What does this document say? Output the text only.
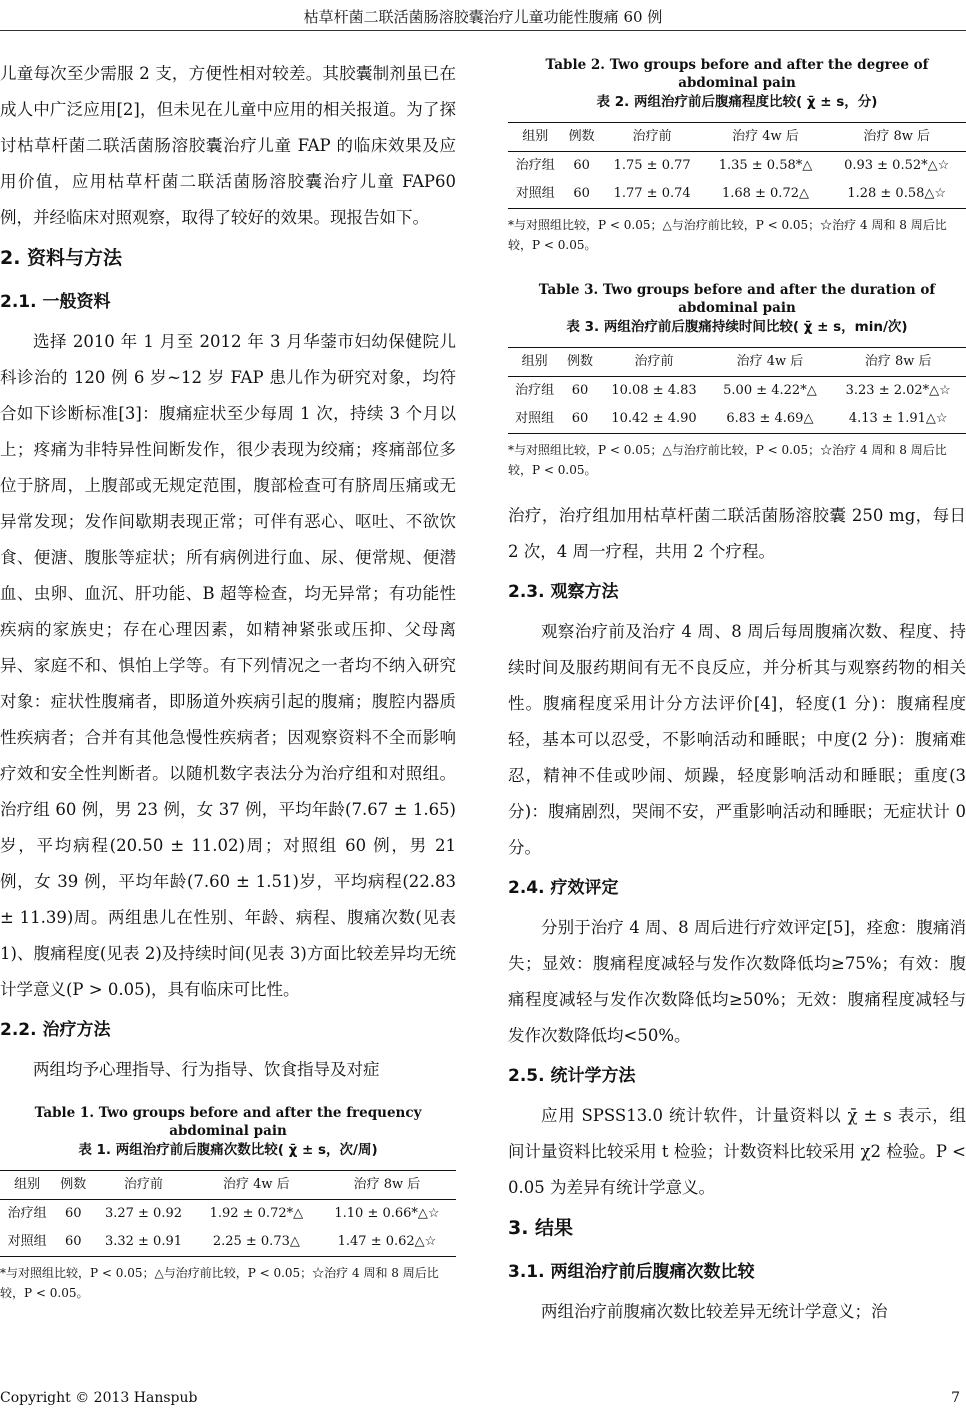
枯草杆菌二联活菌肠溶胶囊治疗儿童功能性腹痛 60 例

儿童每次至少需服 2 支，方便性相对较差。其胶囊制剂虽已在成人中广泛应用[2]，但未见在儿童中应用的相关报道。为了探讨枯草杆菌二联活菌肠溶胶囊治疗儿童 FAP 的临床效果及应用价值，应用枯草杆菌二联活菌肠溶胶囊治疗儿童 FAP60 例，并经临床对照观察，取得了较好的效果。现报告如下。

2. 资料与方法
2.1. 一般资料

选择 2010 年 1 月至 2012 年 3 月华蓥市妇幼保健院儿科诊治的 120 例 6 岁~12 岁 FAP 患儿作为研究对象，均符合如下诊断标准[3]：腹痛症状至少每周 1 次，持续 3 个月以上；疼痛为非特异性间断发作，很少表现为绞痛；疼痛部位多位于脐周，上腹部或无规定范围，腹部检查可有脐周压痛或无异常发现；发作间歇期表现正常；可伴有恶心、呕吐、不欲饮食、便溏、腹胀等症状；所有病例进行血、尿、便常规、便潜血、虫卵、血沉、肝功能、B 超等检查，均无异常；有功能性疾病的家族史；存在心理因素，如精神紧张或压抑、父母离异、家庭不和、惧怕上学等。有下列情况之一者均不纳入研究对象：症状性腹痛者，即肠道外疾病引起的腹痛；腹腔内器质性疾病者；合并有其他急慢性疾病者；因观察资料不全而影响疗效和安全性判断者。以随机数字表法分为治疗组和对照组。治疗组 60 例，男 23 例，女 37 例，平均年龄(7.67 ± 1.65)岁，平均病程(20.50 ± 11.02)周；对照组 60 例，男 21 例，女 39 例，平均年龄(7.60 ± 1.51)岁，平均病程(22.83 ± 11.39)周。两组患儿在性别、年龄、病程、腹痛次数(见表 1)、腹痛程度(见表 2)及持续时间(见表 3)方面比较差异均无统计学意义(P > 0.05)，具有临床可比性。

2.2. 治疗方法

两组均予心理指导、行为指导、饮食指导及对症

Table 1. Two groups before and after the frequency abdominal pain
表 1. 两组治疗前后腹痛次数比较( χ̄ ± s，次/周)
组别	例数	治疗前	治疗 4w 后	治疗 8w 后
治疗组	60	3.27 ± 0.92	1.92 ± 0.72*△	1.10 ± 0.66*△☆
对照组	60	3.32 ± 0.91	2.25 ± 0.73△	1.47 ± 0.62△☆
*与对照组比较，P < 0.05；△与治疗前比较，P < 0.05；☆治疗 4 周和 8 周后比较，P < 0.05。
Table 2. Two groups before and after the degree of abdominal pain
表 2. 两组治疗前后腹痛程度比较( χ̄ ± s，分)
组别	例数	治疗前	治疗 4w 后	治疗 8w 后
治疗组	60	1.75 ± 0.77	1.35 ± 0.58*△	0.93 ± 0.52*△☆
对照组	60	1.77 ± 0.74	1.68 ± 0.72△	1.28 ± 0.58△☆
*与对照组比较，P < 0.05；△与治疗前比较，P < 0.05；☆治疗 4 周和 8 周后比较，P < 0.05。
Table 3. Two groups before and after the duration of abdominal pain
表 3. 两组治疗前后腹痛持续时间比较( χ̄ ± s，min/次)
组别	例数	治疗前	治疗 4w 后	治疗 8w 后
治疗组	60	10.08 ± 4.83	5.00 ± 4.22*△	3.23 ± 2.02*△☆
对照组	60	10.42 ± 4.90	6.83 ± 4.69△	4.13 ± 1.91△☆
*与对照组比较，P < 0.05；△与治疗前比较，P < 0.05；☆治疗 4 周和 8 周后比较，P < 0.05。

治疗，治疗组加用枯草杆菌二联活菌肠溶胶囊 250 mg，每日 2 次，4 周一疗程，共用 2 个疗程。

2.3. 观察方法

观察治疗前及治疗 4 周、8 周后每周腹痛次数、程度、持续时间及服药期间有无不良反应，并分析其与观察药物的相关性。腹痛程度采用计分方法评价[4]，轻度(1 分)：腹痛程度轻，基本可以忍受，不影响活动和睡眠；中度(2 分)：腹痛难忍，精神不佳或吵闹、烦躁，轻度影响活动和睡眠；重度(3 分)：腹痛剧烈，哭闹不安，严重影响活动和睡眠；无症状计 0 分。

2.4. 疗效评定

分别于治疗 4 周、8 周后进行疗效评定[5]，痊愈：腹痛消失；显效：腹痛程度减轻与发作次数降低均≥75%；有效：腹痛程度减轻与发作次数降低均≥50%；无效：腹痛程度减轻与发作次数降低均<50%。

2.5. 统计学方法

应用 SPSS13.0 统计软件，计量资料以 χ̄ ± s 表示，组间计量资料比较采用 t 检验；计数资料比较采用 χ2 检验。P < 0.05 为差异有统计学意义。

3. 结果
3.1. 两组治疗前后腹痛次数比较

两组治疗前腹痛次数比较差异无统计学意义；治

Copyright © 2013 Hanspub	7
